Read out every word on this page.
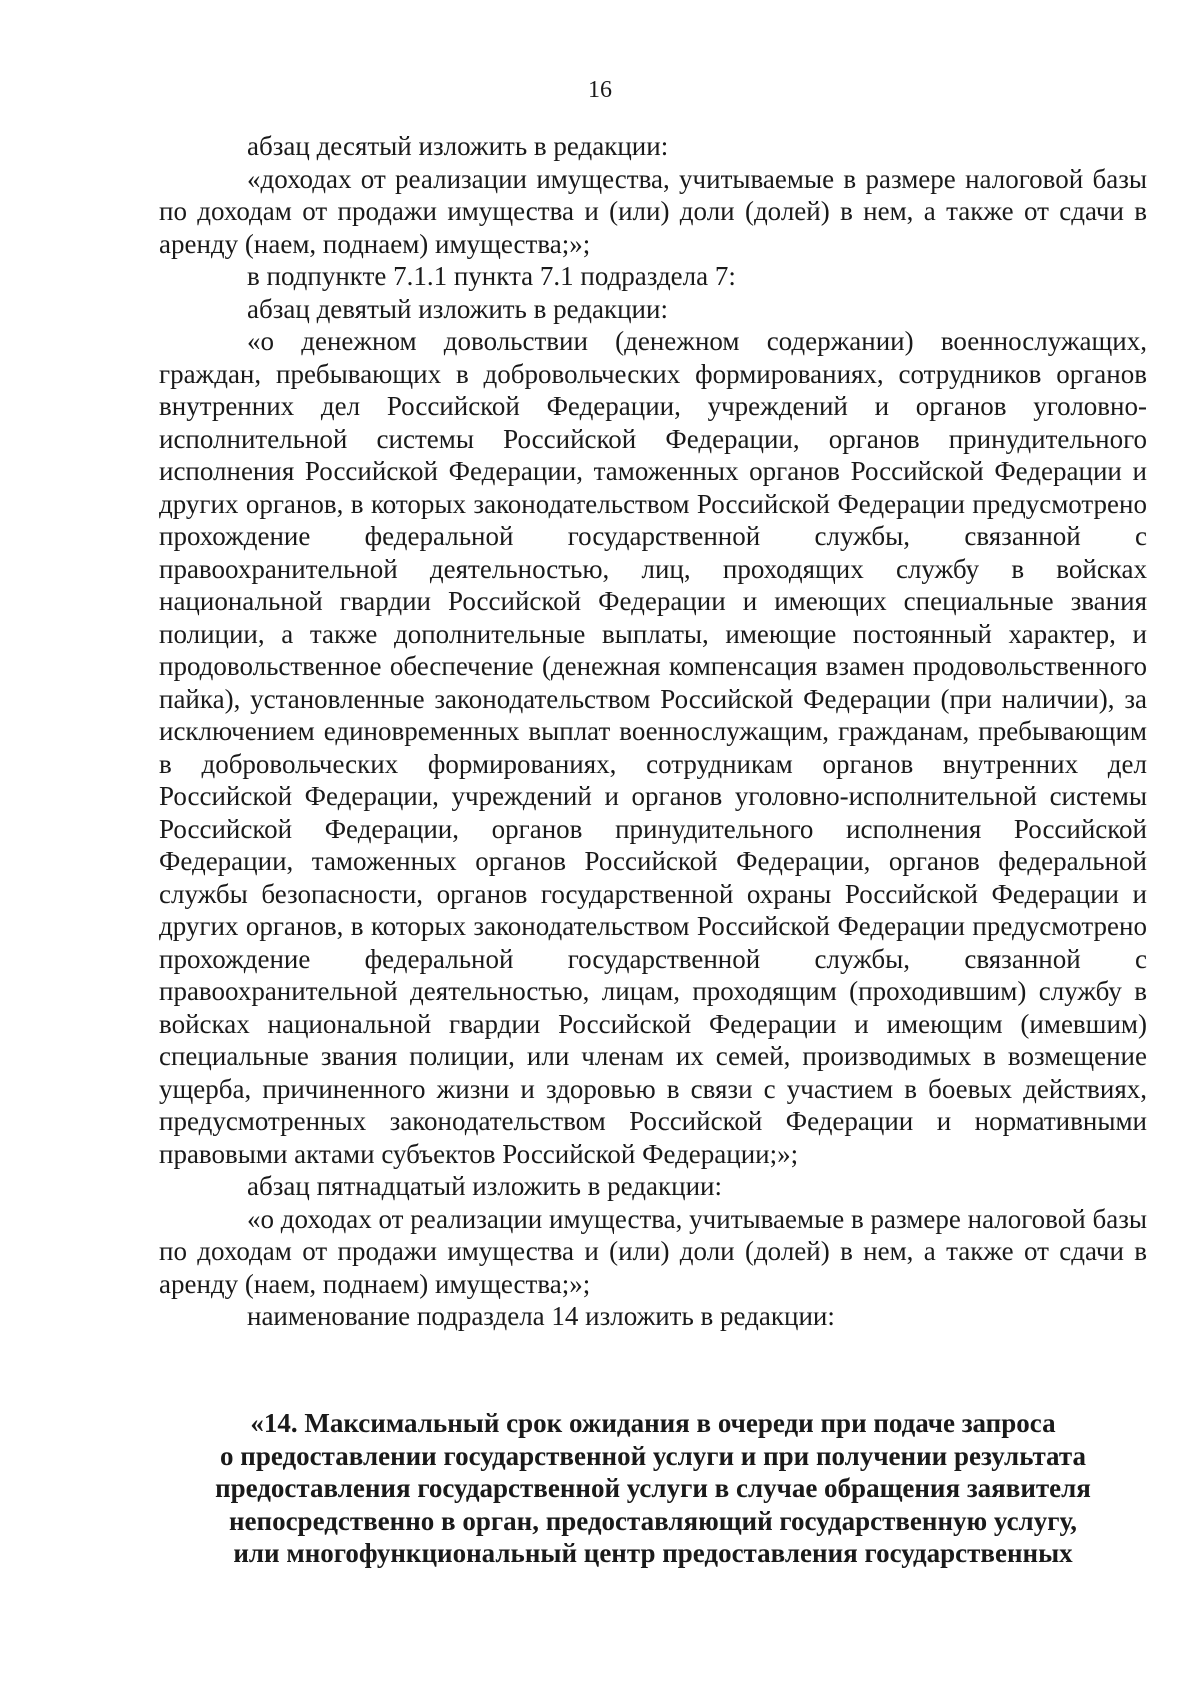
16

абзац десятый изложить в редакции:

«доходах от реализации имущества, учитываемые в размере налоговой базы по доходам от продажи имущества и (или) доли (долей) в нем, а также от сдачи в аренду (наем, поднаем) имущества;»;

в подпункте 7.1.1 пункта 7.1 подраздела 7:

абзац девятый изложить в редакции:

«о денежном довольствии (денежном содержании) военнослужащих, граждан, пребывающих в добровольческих формированиях, сотрудников органов внутренних дел Российской Федерации, учреждений и органов уголовно-исполнительной системы Российской Федерации, органов принудительного исполнения Российской Федерации, таможенных органов Российской Федерации и других органов, в которых законодательством Российской Федерации предусмотрено прохождение федеральной государственной службы, связанной с правоохранительной деятельностью, лиц, проходящих службу в войсках национальной гвардии Российской Федерации и имеющих специальные звания полиции, а также дополнительные выплаты, имеющие постоянный характер, и продовольственное обеспечение (денежная компенсация взамен продовольственного пайка), установленные законодательством Российской Федерации (при наличии), за исключением единовременных выплат военнослужащим, гражданам, пребывающим в добровольческих формированиях, сотрудникам органов внутренних дел Российской Федерации, учреждений и органов уголовно-исполнительной системы Российской Федерации, органов принудительного исполнения Российской Федерации, таможенных органов Российской Федерации, органов федеральной службы безопасности, органов государственной охраны Российской Федерации и других органов, в которых законодательством Российской Федерации предусмотрено прохождение федеральной государственной службы, связанной с правоохранительной деятельностью, лицам, проходящим (проходившим) службу в войсках национальной гвардии Российской Федерации и имеющим (имевшим) специальные звания полиции, или членам их семей, производимых в возмещение ущерба, причиненного жизни и здоровью в связи с участием в боевых действиях, предусмотренных законодательством Российской Федерации и нормативными правовыми актами субъектов Российской Федерации;»;

абзац пятнадцатый изложить в редакции:

«о доходах от реализации имущества, учитываемые в размере налоговой базы по доходам от продажи имущества и (или) доли (долей) в нем, а также от сдачи в аренду (наем, поднаем) имущества;»;

наименование подраздела 14 изложить в редакции:

«14. Максимальный срок ожидания в очереди при подаче запроса

о предоставлении государственной услуги и при получении результата

предоставления государственной услуги в случае обращения заявителя

непосредственно в орган, предоставляющий государственную услугу,

или многофункциональный центр предоставления государственных
